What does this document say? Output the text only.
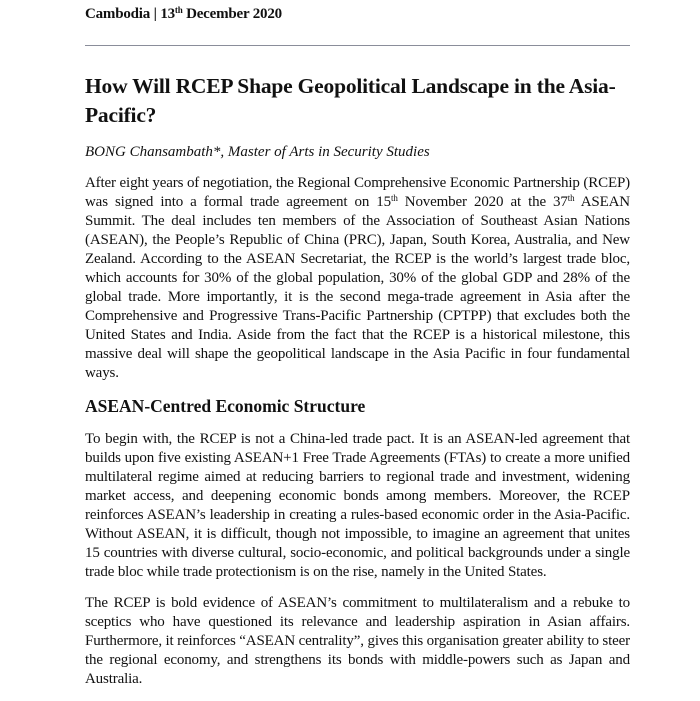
Cambodia | 13th December 2020
How Will RCEP Shape Geopolitical Landscape in the Asia-Pacific?
BONG Chansambath*, Master of Arts in Security Studies

After eight years of negotiation, the Regional Comprehensive Economic Partnership (RCEP) was signed into a formal trade agreement on 15th November 2020 at the 37th ASEAN Summit. The deal includes ten members of the Association of Southeast Asian Nations (ASEAN), the People’s Republic of China (PRC), Japan, South Korea, Australia, and New Zealand. According to the ASEAN Secretariat, the RCEP is the world’s largest trade bloc, which accounts for 30% of the global population, 30% of the global GDP and 28% of the global trade. More importantly, it is the second mega-trade agreement in Asia after the Comprehensive and Progressive Trans-Pacific Partnership (CPTPP) that excludes both the United States and India. Aside from the fact that the RCEP is a historical milestone, this massive deal will shape the geopolitical landscape in the Asia Pacific in four fundamental ways.

ASEAN-Centred Economic Structure

To begin with, the RCEP is not a China-led trade pact. It is an ASEAN-led agreement that builds upon five existing ASEAN+1 Free Trade Agreements (FTAs) to create a more unified multilateral regime aimed at reducing barriers to regional trade and investment, widening market access, and deepening economic bonds among members. Moreover, the RCEP reinforces ASEAN’s leadership in creating a rules-based economic order in the Asia-Pacific. Without ASEAN, it is difficult, though not impossible, to imagine an agreement that unites 15 countries with diverse cultural, socio-economic, and political backgrounds under a single trade bloc while trade protectionism is on the rise, namely in the United States.

The RCEP is bold evidence of ASEAN’s commitment to multilateralism and a rebuke to sceptics who have questioned its relevance and leadership aspiration in Asian affairs. Furthermore, it reinforces “ASEAN centrality”, gives this organisation greater ability to steer the regional economy, and strengthens its bonds with middle-powers such as Japan and Australia.
